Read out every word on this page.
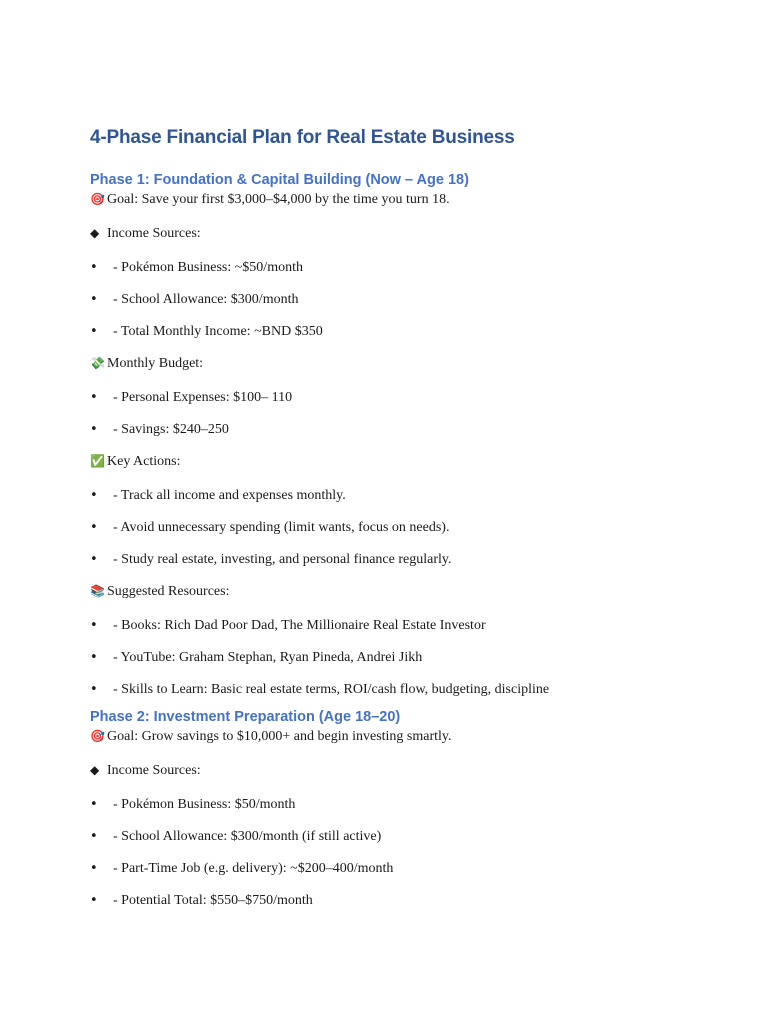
4-Phase Financial Plan for Real Estate Business
Phase 1: Foundation & Capital Building (Now – Age 18)
🎯 Goal: Save your first $3,000–$4,000 by the time you turn 18.
◆ Income Sources:
• - Pokémon Business: ~$50/month
• - School Allowance: $300/month
• - Total Monthly Income: ~BND $350
💸 Monthly Budget:
• - Personal Expenses: $100– 110
• - Savings: $240–250
✅ Key Actions:
• - Track all income and expenses monthly.
• - Avoid unnecessary spending (limit wants, focus on needs).
• - Study real estate, investing, and personal finance regularly.
📚 Suggested Resources:
• - Books: Rich Dad Poor Dad, The Millionaire Real Estate Investor
• - YouTube: Graham Stephan, Ryan Pineda, Andrei Jikh
• - Skills to Learn: Basic real estate terms, ROI/cash flow, budgeting, discipline
Phase 2: Investment Preparation (Age 18–20)
🎯 Goal: Grow savings to $10,000+ and begin investing smartly.
◆ Income Sources:
• - Pokémon Business: $50/month
• - School Allowance: $300/month (if still active)
• - Part-Time Job (e.g. delivery): ~$200–400/month
• - Potential Total: $550–$750/month
